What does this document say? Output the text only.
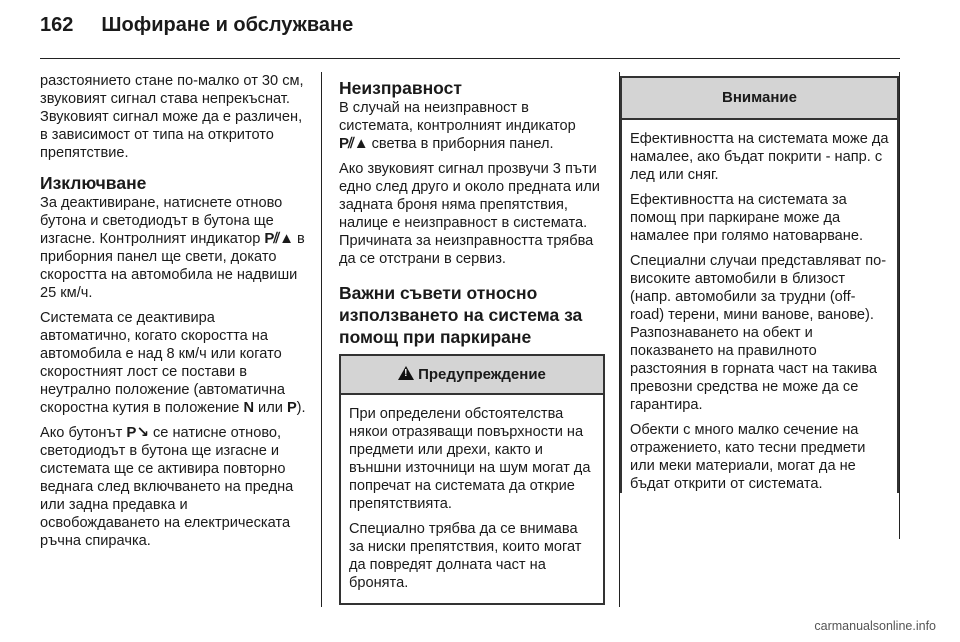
162 Шофиране и обслужване

разстоянието стане по-малко от 30 см, звуковият сигнал става непрекъснат. Звуковият сигнал може да е различен, в зависимост от типа на откритото препятствие.

Изключване

За деактивиране, натиснете отново бутона и светодиодът в бутона ще изгасне. Контролният индикатор P⫽▲ в приборния панел ще свети, докато скоростта на автомобила не надвиши 25 км/ч.

Системата се деактивира автоматично, когато скоростта на автомобила е над 8 км/ч или когато скоростният лост се постави в неутрално положение (автоматична скоростна кутия в положение N или P).

Ако бутонът P↘ се натисне отново, светодиодът в бутона ще изгасне и системата ще се активира повторно веднага след включването на предна или задна предавка и освобождаването на електрическата ръчна спирачка.

Неизправност

В случай на неизправност в системата, контролният индикатор P⫽▲ светва в приборния панел.

Ако звуковият сигнал прозвучи 3 пъти едно след друго и около предната или задната броня няма препятствия, налице е неизправност в системата. Причината за неизправността трябва да се отстрани в сервиз.

Важни съвети относно използването на система за помощ при паркиране
!Предупреждение

При определени обстоятелства някои отразяващи повърхности на предмети или дрехи, както и външни източници на шум могат да попречат на системата да открие препятствията.

Специално трябва да се внимава за ниски препятствия, които могат да повредят долната част на бронята.

Внимание

Ефективността на системата може да намалее, ако бъдат покрити - напр. с лед или сняг.

Ефективността на системата за помощ при паркиране може да намалее при голямо натоварване.

Специални случаи представляват по-високите автомобили в близост (напр. автомобили за трудни (off-road) терени, мини ванове, ванове). Разпознаването на обект и показването на правилното разстояния в горната част на такива превозни средства не може да се гарантира.

Обекти с много малко сечение на отражението, като тесни предмети или меки материали, могат да не бъдат открити от системата.

carmanualsonline.info
